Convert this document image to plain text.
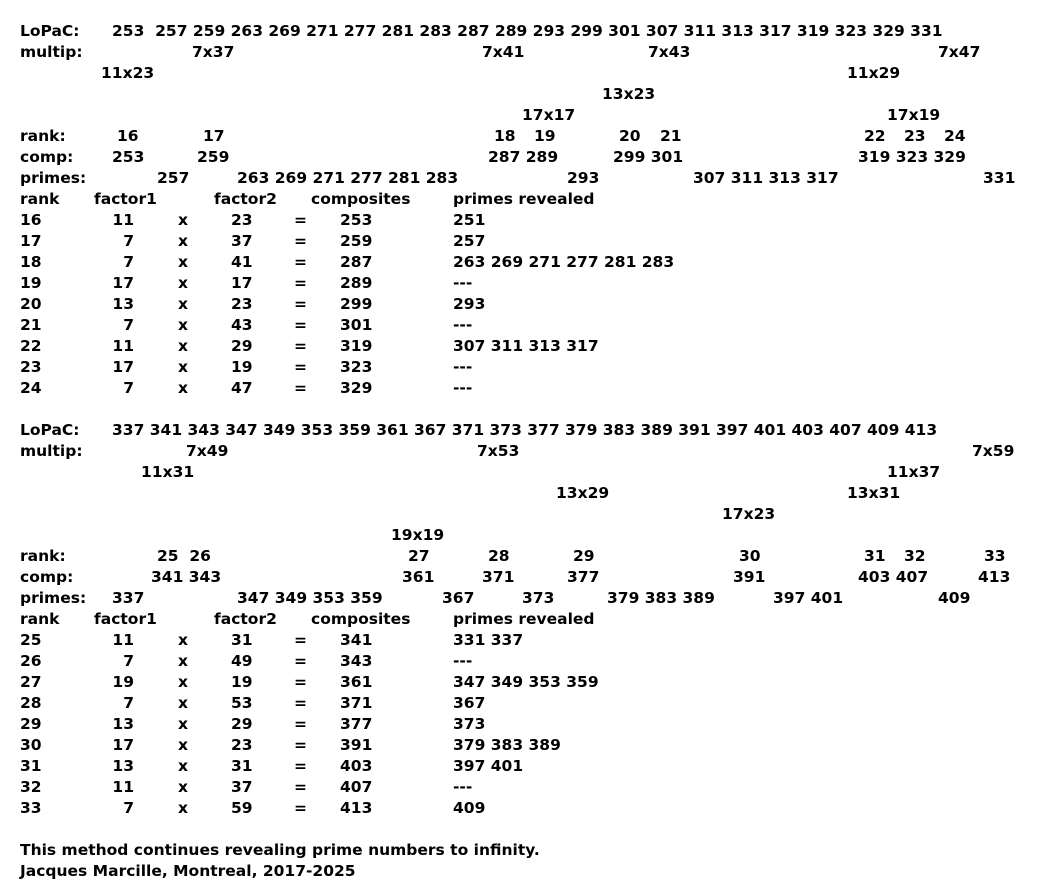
LoPaC: 253  257 259 263 269 271 277 281 283 287 289 293 299 301 307 311 313 317 319 323 329 331
multip:	7x37	7x41	7x43	7x47
11x23	11x29
13x23
17x17	17x19
rank:	16	17	18 19	20 21	22 23 24
comp: 253	259	287 289	299 301	319 323 329
primes:	257	263 269 271 277 281 283	293	307 311 313 317	331
rank factor1	factor2 composites	primes revealed
16	11	x	23	= 253	251
17	7	x	37	= 259	257
18	7	x	41	= 287	263 269 271 277 281 283
19	17	x	17	= 289	---
20	13	x	23	= 299	293
21	7	x	43	= 301	---
22	11	x	29	= 319	307 311 313 317
23	17	x	19	= 323	---
24	7	x	47	= 329	---
LoPaC: 337 341 343 347 349 353 359 361 367 371 373 377 379 383 389 391 397 401 403 407 409 413
multip:	7x49	7x53	7x59
11x31	11x37
13x29	13x31
17x23
19x19
rank:	25  26	27	28	29	30	31 32	33
comp:	341 343	361	371	377	391	403 407	413
primes: 337	347 349 353 359	367	373	379 383 389	397 401	409
rank factor1	factor2 composites	primes revealed
25	11	x	31	= 341	331 337
26	7	x	49	= 343	---
27	19	x	19	= 361	347 349 353 359
28	7	x	53	= 371	367
29	13	x	29	= 377	373
30	17	x	23	= 391	379 383 389
31	13	x	31	= 403	397 401
32	11	x	37	= 407	---
33	7	x	59	= 413	409
This method continues revealing prime numbers to infinity.
Jacques Marcille, Montreal, 2017-2025
